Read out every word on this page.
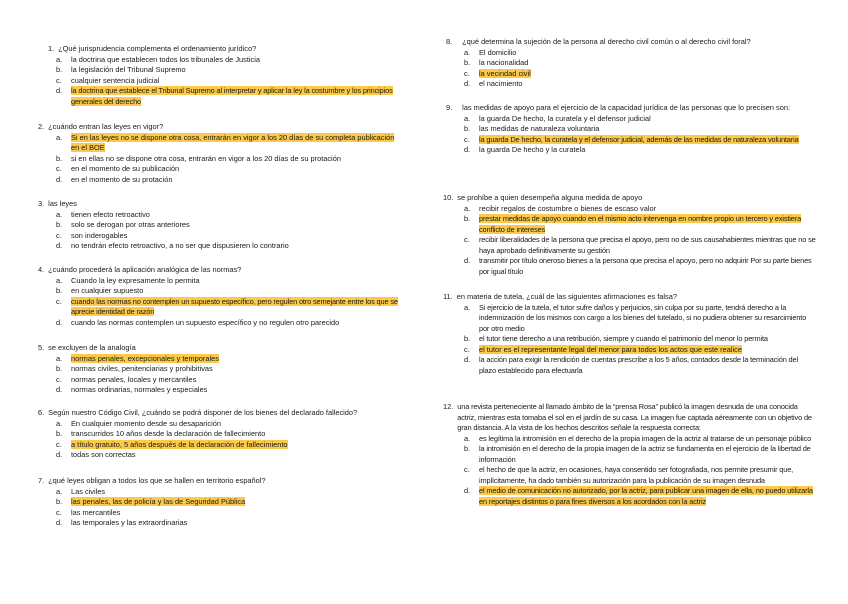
1. ¿Qué jurisprudencia complementa el ordenamiento jurídico?
a.	la doctrina que establecen todos los tribunales de Justicia
b.	la legislación del Tribunal Supremo
c.	cualquier sentencia judicial
d.	la doctrina que establece el Tribunal Supremo al interpretar y aplicar la ley la costumbre y los principios generales del derecho
2. ¿cuándo entran las leyes en vigor?
a.	Si en las leyes no se dispone otra cosa, entrarán en vigor a los 20 días de su completa publicación en el BOE
b.	si en ellas no se dispone otra cosa, entrarán en vigor a los 20 días de su protación
c.	en el momento de su publicación
d.	en el momento de su protación
3. las leyes
a.	tienen efecto retroactivo
b.	solo se derogan por otras anteriores
c.	son inderogables
d.	no tendrán efecto retroactivo, a no ser que dispusieren lo contrario
4. ¿cuándo procederá la aplicación analógica de las normas?
a.	Cuando la ley expresamente lo permita
b.	en cualquier supuesto
c.	cuando las normas no contemplen un supuesto específico, pero regulen otro semejante entre los que se aprecie identidad de razón
d.	cuando las normas contemplen un supuesto específico y no regulen otro parecido
5. se excluyen de la analogía
a.	normas penales, excepcionales y temporales
b.	normas civiles, penitenciarias y prohibitivas
c.	normas penales, locales y mercantiles
d.	normas ordinarias, normales y especiales
6. Según nuestro Código Civil, ¿cuándo se podrá disponer de los bienes del declarado fallecido?
a.	En cualquier momento desde su desaparición
b.	transcurridos 10 años desde la declaración de fallecimiento
c.	a título gratuito, 5 años después de la declaración de fallecimiento
d.	todas son correctas
7. ¿qué leyes obligan a todos los que se hallen en territorio español?
a.	Las civiles
b.	las penales, las de policía y las de Seguridad Pública
c.	las mercantiles
d.	las temporales y las extraordinarias
8.	¿qué determina la sujeción de la persona al derecho civil común o al derecho civil foral?
a.	El domicilio
b.	la nacionalidad
c.	la vecindad civil
d.	el nacimiento
9.	las medidas de apoyo para el ejercicio de la capacidad jurídica de las personas que lo precisen son:
a.	la guarda De hecho, la curatela y el defensor judicial
b.	las medidas de naturaleza voluntaria
c.	la guarda De hecho, la curatela y el defensor judicial, además de las medidas de naturaleza voluntaria
d.	la guarda De hecho y la curatela
10. se prohíbe a quien desempeña alguna medida de apoyo
a.	recibir regalos de costumbre o bienes de escaso valor
b.	prestar medidas de apoyo cuando en el mismo acto intervenga en nombre propio un tercero y existiera conflicto de intereses
c.	recibir liberalidades de la persona que precisa el apoyo, pero no de sus causahabientes mientras que no se haya aprobado definitivamente su gestión
d.	transmitir por título oneroso bienes a la persona que precisa el apoyo, pero no adquirir Por su parte bienes por igual título
11. en materia de tutela, ¿cuál de las siguientes afirmaciones es falsa?
a.	Si ejercicio de la tutela, el tutor sufre daños y perjuicios, sin culpa por su parte, tendrá derecho a la indemnización de los mismos con cargo a los bienes del tutelado, si no pudiera obtener su resarcimiento por otro medio
b.	el tutor tiene derecho a una retribución, siempre y cuando el patrimonio del menor lo permita
c.	el tutor es el representante legal del menor para todos los actos que este realice
d.	la acción para exigir la rendición de cuentas prescribe a los 5 años, contados desde la terminación del plazo establecido para efectuarla
12. una revista perteneciente al llamado ámbito de la “prensa Rosa” publicó la imagen desnuda de una conocida actriz, mientras esta tomaba el sol en el jardín de su casa. La imagen fue captada aéreamente con un objetivo de gran distancia. A la vista de los hechos descritos señale la respuesta correcta:
a.	es legítima la intromisión en el derecho de la propia imagen de la actriz al tratarse de un personaje público
b.	la intromisión en el derecho de la propia imagen de la actriz se fundamenta en el ejercicio de la libertad de información
c.	el hecho de que la actriz, en ocasiones, haya consentido ser fotografiada, nos permite presumir que, implícitamente, ha dado también su autorización para la publicación de su imagen desnuda
d.	el medio de comunicación no autorizado, por la actriz, para publicar una imagen de ella, no puedo utilizarla en reportajes distintos o para fines diversos a los acordados con la actriz
